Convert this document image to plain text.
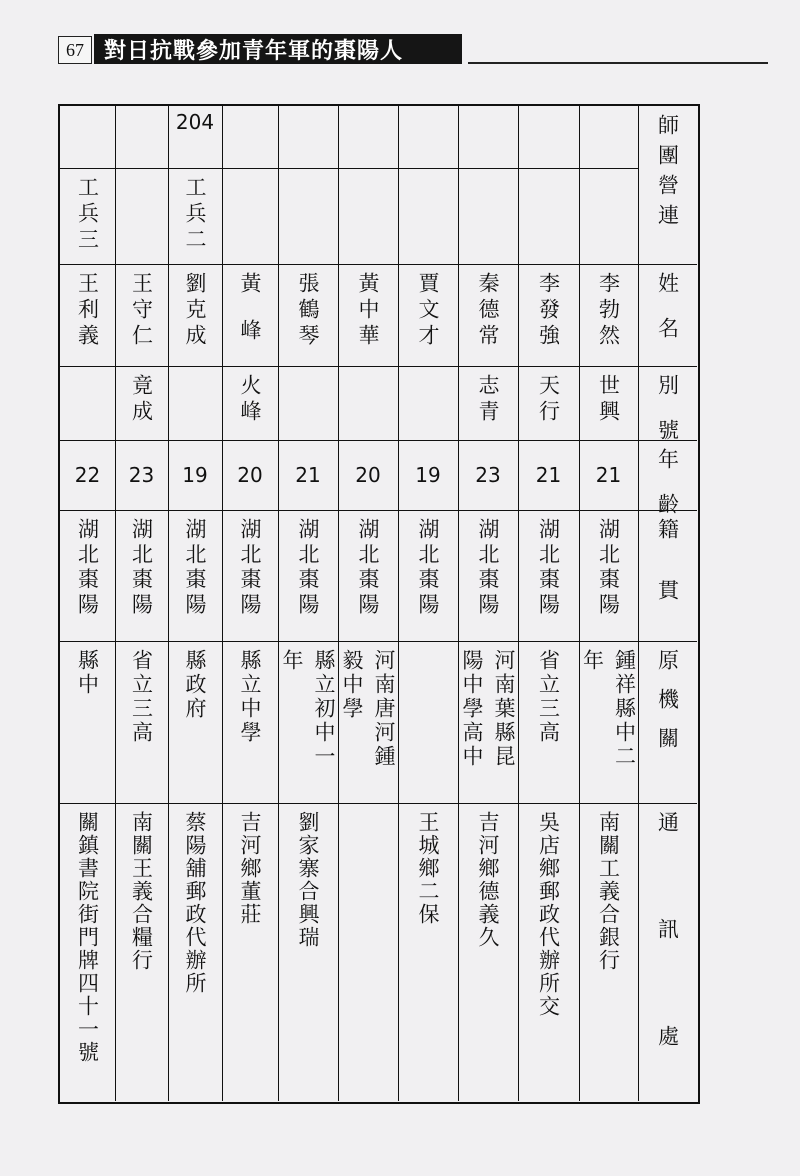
67 對日抗戰參加青年軍的棗陽人
師團營連
姓名
別號
年齡
籍貫
原機關
通訊處
李勃然
世興
21
湖北棗陽
鍾祥縣中二
年
南關工義合銀行
李發強
天行
21
湖北棗陽
省立三高
吳店鄉郵政代辦所交
秦德常
志青
23
湖北棗陽
河南葉縣昆
陽中學高中
吉河鄉德義久
賈文才
19
湖北棗陽
王城鄉二保
黃中華
20
湖北棗陽
河南唐河鍾
毅中學
張鶴琴
21
湖北棗陽
縣立初中一
年
劉家寨合興瑞
黃峰
火峰
20
湖北棗陽
縣立中學
吉河鄉董莊
204
工兵二
劉克成
19
湖北棗陽
縣政府
蔡陽舖郵政代辦所
王守仁
竟成
23
湖北棗陽
省立三高
南關王義合糧行
工兵三
王利義
22
湖北棗陽
縣中
關鎮書院街門牌四十一號
